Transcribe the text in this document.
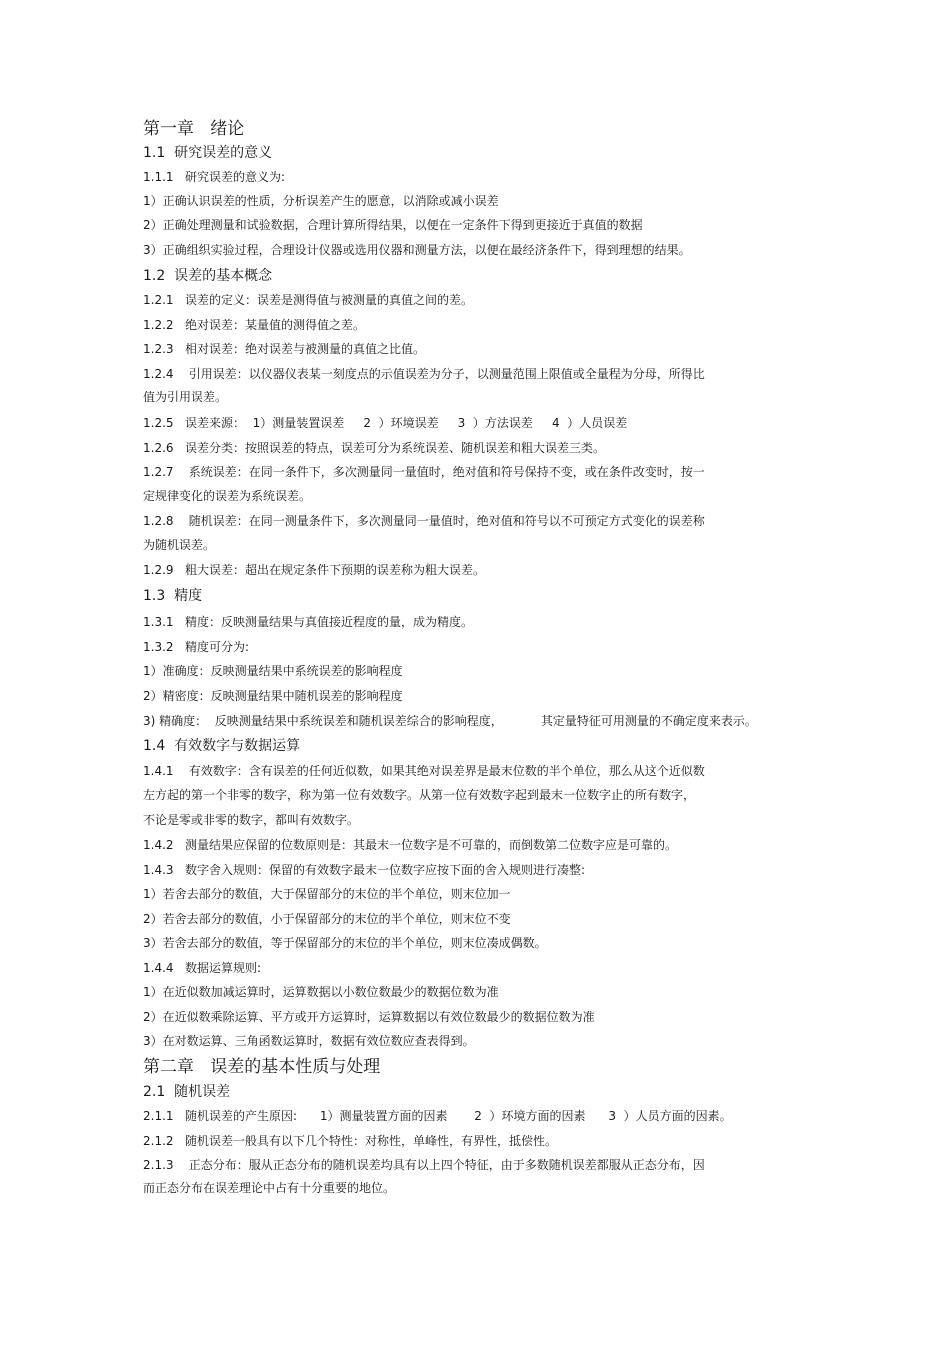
第一章   绪论
1.1  研究误差的意义
1.1.1   研究误差的意义为:
1）正确认识误差的性质，分析误差产生的愿意，以消除或减小误差
2）正确处理测量和试验数据，合理计算所得结果，以便在一定条件下得到更接近于真值的数据
3）正确组织实验过程，合理设计仪器或选用仪器和测量方法，以便在最经济条件下，得到理想的结果。
1.2  误差的基本概念
1.2.1   误差的定义：误差是测得值与被测量的真值之间的差。
1.2.2   绝对误差：某量值的测得值之差。
1.2.3   相对误差：绝对误差与被测量的真值之比值。
1.2.4    引用误差：以仪器仪表某一刻度点的示值误差为分子，以测量范围上限值或全量程为分母，所得比
值为引用误差。
1.2.5   误差来源：  1）测量装置误差     2  ）环境误差     3  ）方法误差     4  ）人员误差
1.2.6   误差分类：按照误差的特点，误差可分为系统误差、随机误差和粗大误差三类。
1.2.7    系统误差：在同一条件下，多次测量同一量值时，绝对值和符号保持不变，或在条件改变时，按一
定规律变化的误差为系统误差。
1.2.8    随机误差：在同一测量条件下，多次测量同一量值时，绝对值和符号以不可预定方式变化的误差称
为随机误差。
1.2.9   粗大误差：超出在规定条件下预期的误差称为粗大误差。
1.3  精度
1.3.1   精度：反映测量结果与真值接近程度的量，成为精度。
1.3.2   精度可分为:
1）准确度：反映测量结果中系统误差的影响程度
2）精密度：反映测量结果中随机误差的影响程度
3) 精确度：  反映测量结果中系统误差和随机误差综合的影响程度，          其定量特征可用测量的不确定度来表示。
1.4  有效数字与数据运算
1.4.1    有效数字：含有误差的任何近似数，如果其绝对误差界是最末位数的半个单位，那么从这个近似数
左方起的第一个非零的数字，称为第一位有效数字。从第一位有效数字起到最末一位数字止的所有数字，
不论是零或非零的数字，都叫有效数字。
1.4.2   测量结果应保留的位数原则是：其最末一位数字是不可靠的，而倒数第二位数字应是可靠的。
1.4.3   数字舍入规则：保留的有效数字最末一位数字应按下面的舍入规则进行凑整:
1）若舍去部分的数值，大于保留部分的末位的半个单位，则末位加一
2）若舍去部分的数值，小于保留部分的末位的半个单位，则末位不变
3）若舍去部分的数值，等于保留部分的末位的半个单位，则末位凑成偶数。
1.4.4   数据运算规则:
1）在近似数加减运算时，运算数据以小数位数最少的数据位数为准
2）在近似数乘除运算、平方或开方运算时，运算数据以有效位数最少的数据位数为准
3）在对数运算、三角函数运算时，数据有效位数应查表得到。
第二章   误差的基本性质与处理
2.1  随机误差
2.1.1   随机误差的产生原因:      1）测量装置方面的因素       2  ）环境方面的因素      3  ）人员方面的因素。
2.1.2   随机误差一般具有以下几个特性：对称性，单峰性，有界性，抵偿性。
2.1.3    正态分布：服从正态分布的随机误差均具有以上四个特征，由于多数随机误差都服从正态分布，因
而正态分布在误差理论中占有十分重要的地位。
